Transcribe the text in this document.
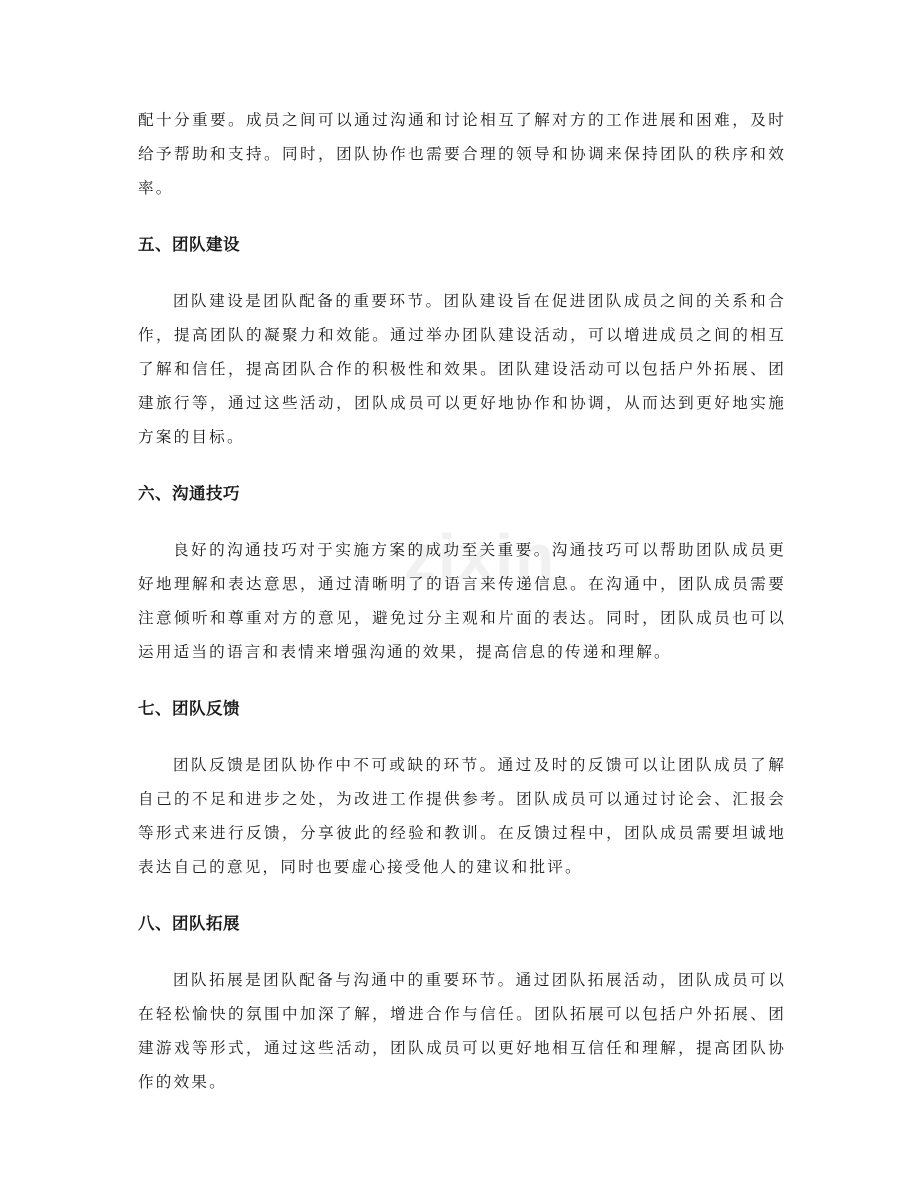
zixin

配十分重要。成员之间可以通过沟通和讨论相互了解对方的工作进展和困难，及时给予帮助和支持。同时，团队协作也需要合理的领导和协调来保持团队的秩序和效率。

五、团队建设

团队建设是团队配备的重要环节。团队建设旨在促进团队成员之间的关系和合作，提高团队的凝聚力和效能。通过举办团队建设活动，可以增进成员之间的相互了解和信任，提高团队合作的积极性和效果。团队建设活动可以包括户外拓展、团建旅行等，通过这些活动，团队成员可以更好地协作和协调，从而达到更好地实施方案的目标。

六、沟通技巧

良好的沟通技巧对于实施方案的成功至关重要。沟通技巧可以帮助团队成员更好地理解和表达意思，通过清晰明了的语言来传递信息。在沟通中，团队成员需要注意倾听和尊重对方的意见，避免过分主观和片面的表达。同时，团队成员也可以运用适当的语言和表情来增强沟通的效果，提高信息的传递和理解。

七、团队反馈

团队反馈是团队协作中不可或缺的环节。通过及时的反馈可以让团队成员了解自己的不足和进步之处，为改进工作提供参考。团队成员可以通过讨论会、汇报会等形式来进行反馈，分享彼此的经验和教训。在反馈过程中，团队成员需要坦诚地表达自己的意见，同时也要虚心接受他人的建议和批评。

八、团队拓展

团队拓展是团队配备与沟通中的重要环节。通过团队拓展活动，团队成员可以在轻松愉快的氛围中加深了解，增进合作与信任。团队拓展可以包括户外拓展、团建游戏等形式，通过这些活动，团队成员可以更好地相互信任和理解，提高团队协作的效果。
